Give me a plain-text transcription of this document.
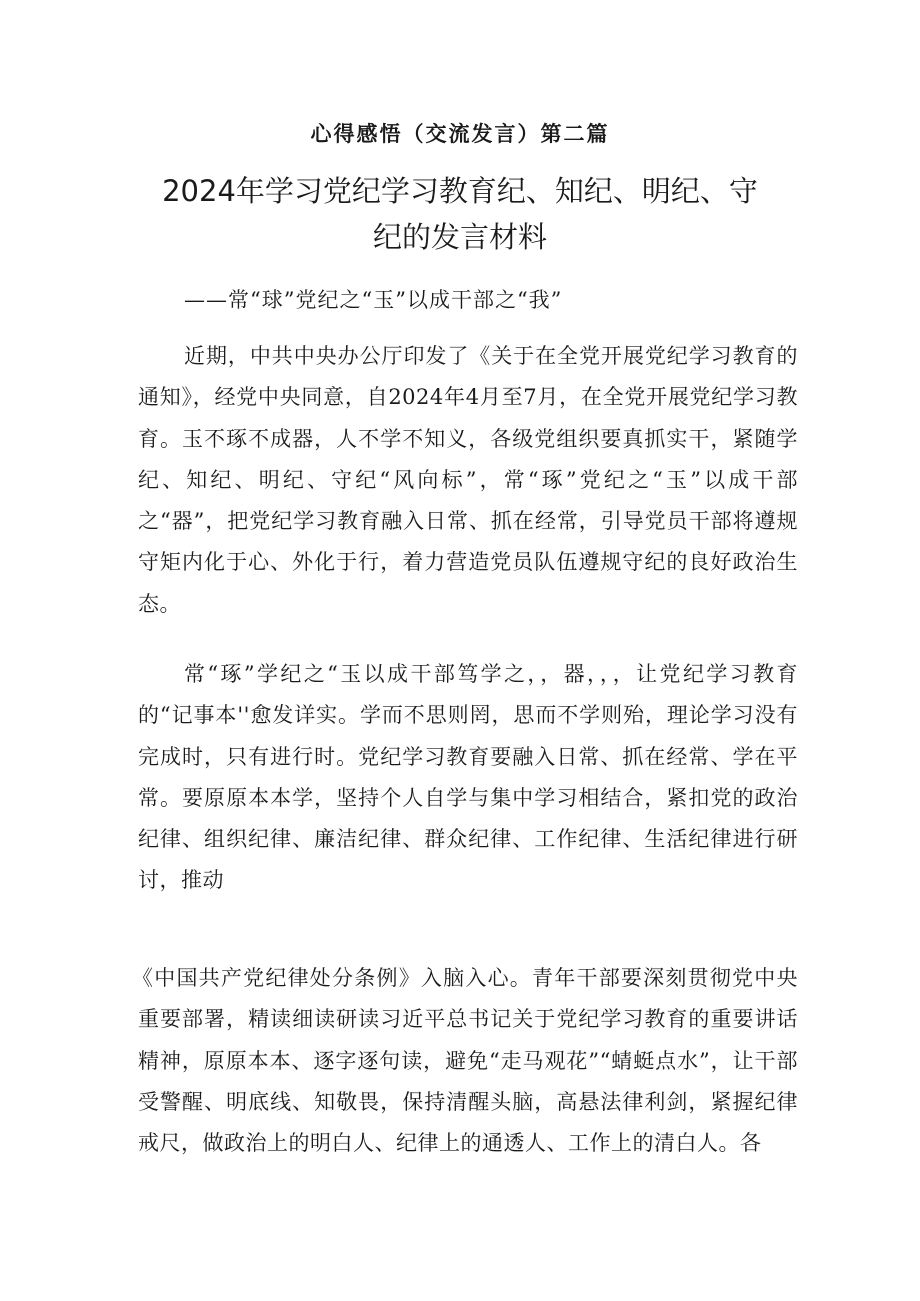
心得感悟（交流发言）第二篇
2024年学习党纪学习教育纪、知纪、明纪、守纪的发言材料
——常“球”党纪之“玉”以成干部之“我”

近期，中共中央办公厅印发了《关于在全党开展党纪学习教育的通知》，经党中央同意，自2024年4月至7月，在全党开展党纪学习教育。玉不琢不成器，人不学不知义，各级党组织要真抓实干，紧随学纪、知纪、明纪、守纪“风向标”，常“琢”党纪之“玉”以成干部之“器”，把党纪学习教育融入日常、抓在经常，引导党员干部将遵规守矩内化于心、外化于行，着力营造党员队伍遵规守纪的良好政治生态。

常“琢”学纪之“玉以成干部笃学之，，器，，，让党纪学习教育的“记事本''愈发详实。学而不思则罔，思而不学则殆，理论学习没有完成时，只有进行时。党纪学习教育要融入日常、抓在经常、学在平常。要原原本本学，坚持个人自学与集中学习相结合，紧扣党的政治纪律、组织纪律、廉洁纪律、群众纪律、工作纪律、生活纪律进行研讨，推动

《中国共产党纪律处分条例》入脑入心。青年干部要深刻贯彻党中央重要部署，精读细读研读习近平总书记关于党纪学习教育的重要讲话精神，原原本本、逐字逐句读，避免“走马观花”“蜻蜓点水”，让干部受警醒、明底线、知敬畏，保持清醒头脑，高悬法律利剑，紧握纪律戒尺，做政治上的明白人、纪律上的通透人、工作上的清白人。各
